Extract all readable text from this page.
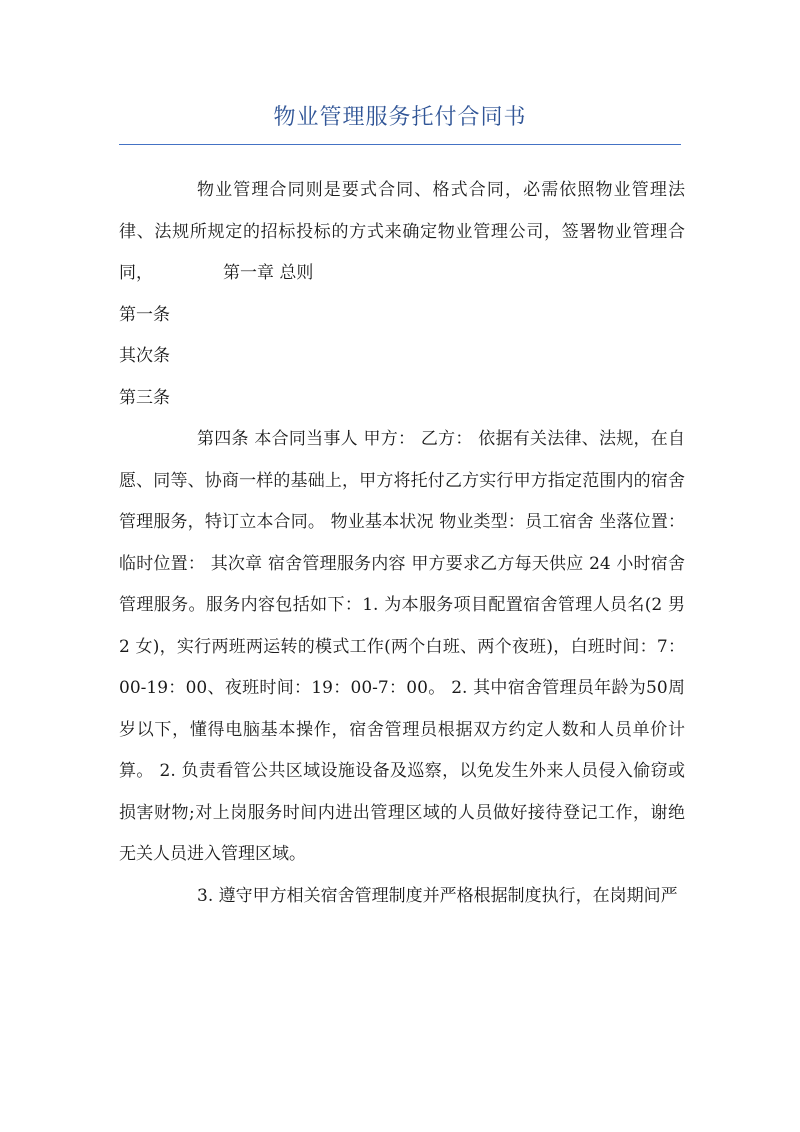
物业管理服务托付合同书

物业管理合同则是要式合同、格式合同，必需依照物业管理法律、法规所规定的招标投标的方式来确定物业管理公司，签署物业管理合同，	第一章 总则

第一条

其次条

第三条

第四条 本合同当事人 甲方： 乙方： 依据有关法律、法规，在自愿、同等、协商一样的基础上，甲方将托付乙方实行甲方指定范围内的宿舍管理服务，特订立本合同。 物业基本状况 物业类型：员工宿舍 坐落位置： 临时位置： 其次章 宿舍管理服务内容 甲方要求乙方每天供应 24 小时宿舍管理服务。服务内容包括如下：1. 为本服务项目配置宿舍管理人员名(2 男 2 女)，实行两班两运转的模式工作(两个白班、两个夜班)，白班时间：7：00-19：00、夜班时间：19：00-7：00。 2. 其中宿舍管理员年龄为50周岁以下，懂得电脑基本操作，宿舍管理员根据双方约定人数和人员单价计算。 2. 负责看管公共区域设施设备及巡察，以免发生外来人员侵入偷窃或损害财物;对上岗服务时间内进出管理区域的人员做好接待登记工作，谢绝无关人员进入管理区域。

3. 遵守甲方相关宿舍管理制度并严格根据制度执行，在岗期间严
